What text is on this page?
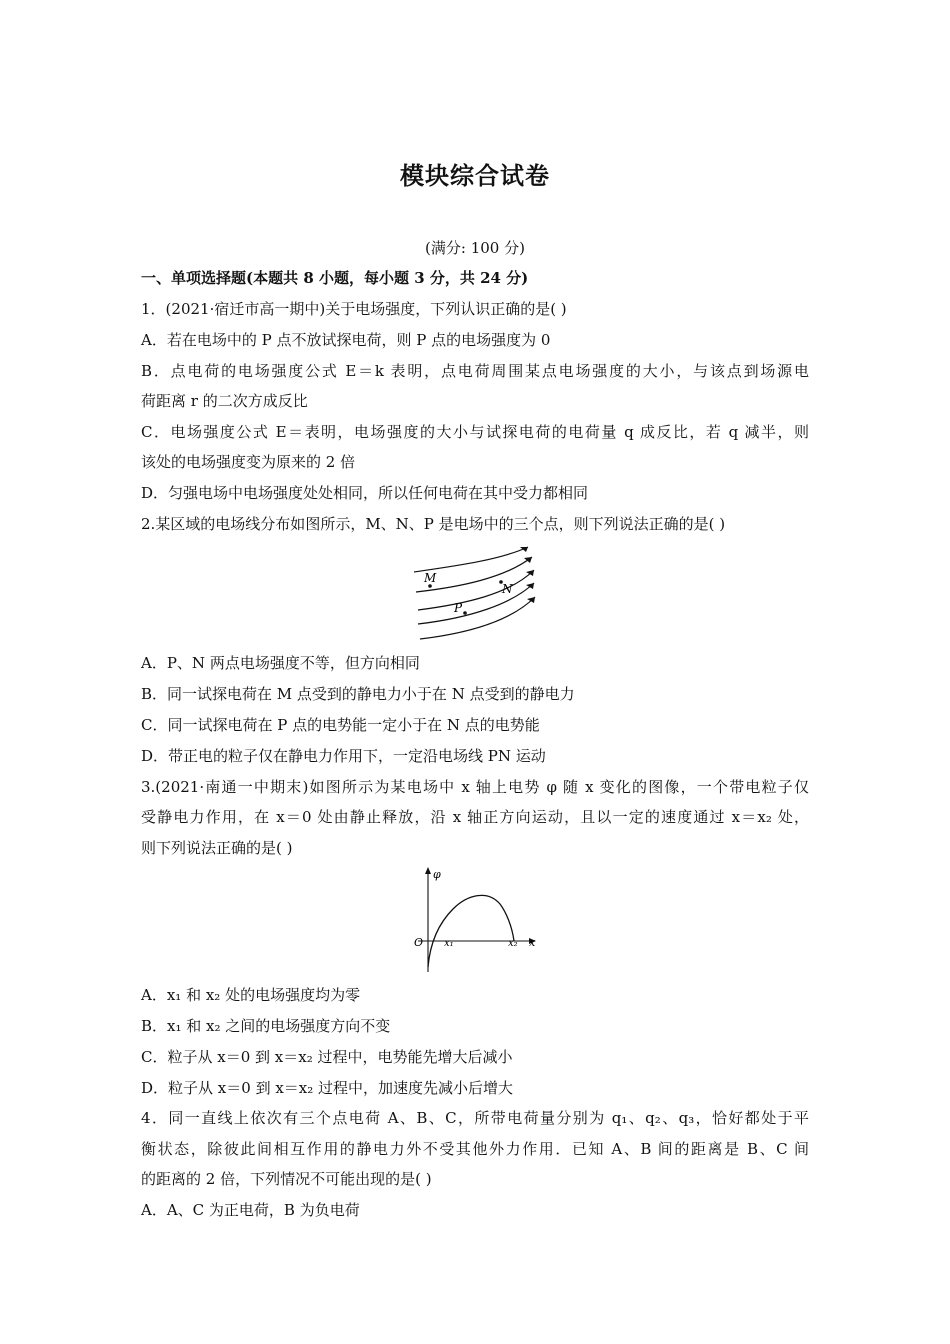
模块综合试卷
(满分: 100 分)
一、单项选择题(本题共 8 小题，每小题 3 分，共 24 分)
1．(2021·宿迁市高一期中)关于电场强度，下列认识正确的是( )
A．若在电场中的 P 点不放试探电荷，则 P 点的电场强度为 0
B．点电荷的电场强度公式 E＝k 表明，点电荷周围某点电场强度的大小，与该点到场源电
荷距离 r 的二次方成反比
C．电场强度公式 E＝表明，电场强度的大小与试探电荷的电荷量 q 成反比，若 q 减半，则
该处的电场强度变为原来的 2 倍
D．匀强电场中电场强度处处相同，所以任何电荷在其中受力都相同
2.某区域的电场线分布如图所示，M、N、P 是电场中的三个点，则下列说法正确的是( )
M
N
P
A．P、N 两点电场强度不等，但方向相同
B．同一试探电荷在 M 点受到的静电力小于在 N 点受到的静电力
C．同一试探电荷在 P 点的电势能一定小于在 N 点的电势能
D．带正电的粒子仅在静电力作用下，一定沿电场线 PN 运动
3.(2021·南通一中期末)如图所示为某电场中 x 轴上电势 φ 随 x 变化的图像，一个带电粒子仅
受静电力作用，在 x＝0 处由静止释放，沿 x 轴正方向运动，且以一定的速度通过 x＝x₂ 处，
则下列说法正确的是( )
φ
O x₁	x₂ x
A．x₁ 和 x₂ 处的电场强度均为零
B．x₁ 和 x₂ 之间的电场强度方向不变
C．粒子从 x＝0 到 x＝x₂ 过程中，电势能先增大后减小
D．粒子从 x＝0 到 x＝x₂ 过程中，加速度先减小后增大
4．同一直线上依次有三个点电荷 A、B、C，所带电荷量分别为 q₁、q₂、q₃，恰好都处于平
衡状态，除彼此间相互作用的静电力外不受其他外力作用．已知 A、B 间的距离是 B、C 间
的距离的 2 倍，下列情况不可能出现的是( )
A．A、C 为正电荷，B 为负电荷
